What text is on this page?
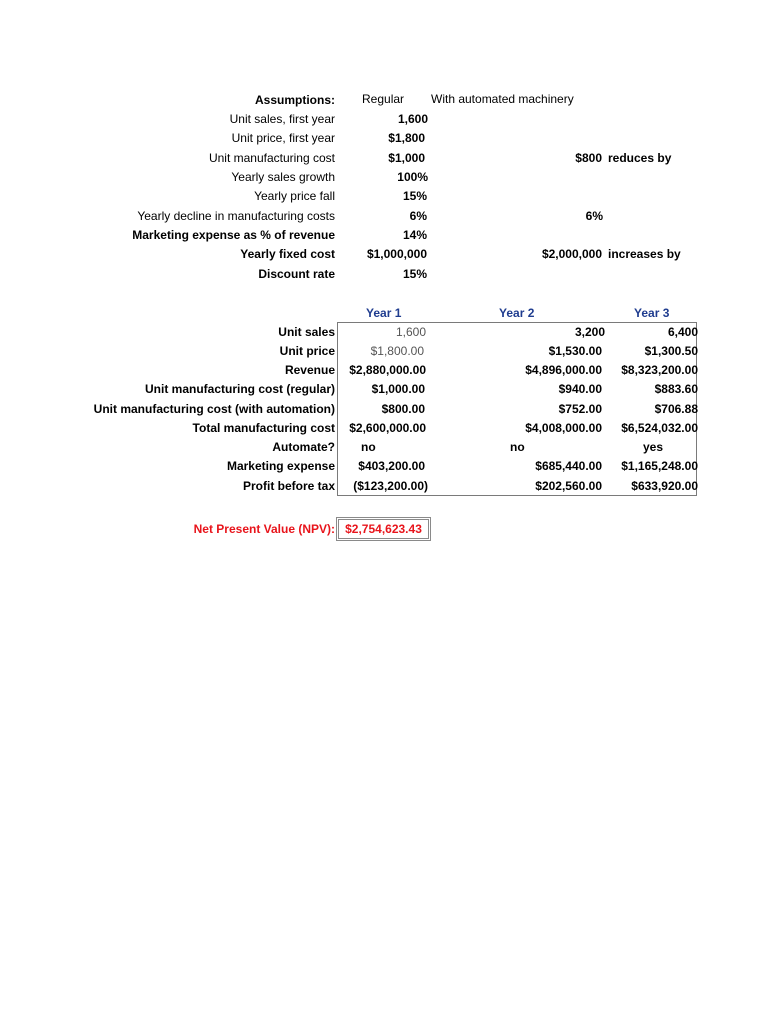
Assumptions: Regular With automated machinery
Unit sales, first year	1,600
Unit price, first year	$1,800
Unit manufacturing cost	$1,000	$800 reduces by
Yearly sales growth	100%
Yearly price fall	15%
Yearly decline in manufacturing costs	6%	6%
Marketing expense as % of revenue	14%
Yearly fixed cost	$1,000,000	$2,000,000 increases by
Discount rate	15%
Year 1	Year 2	Year 3
Unit sales	1,600	3,200	6,400
Unit price	$1,800.00	$1,530.00	$1,300.50
Revenue	$2,880,000.00	$4,896,000.00	$8,323,200.00
Unit manufacturing cost (regular)	$1,000.00	$940.00	$883.60
Unit manufacturing cost (with automation)	$800.00	$752.00	$706.88
Total manufacturing cost	$2,600,000.00	$4,008,000.00	$6,524,032.00
Automate? no	no	yes
Marketing expense	$403,200.00	$685,440.00	$1,165,248.00
Profit before tax	($123,200.00)	$202,560.00	$633,920.00
Net Present Value (NPV): $2,754,623.43
